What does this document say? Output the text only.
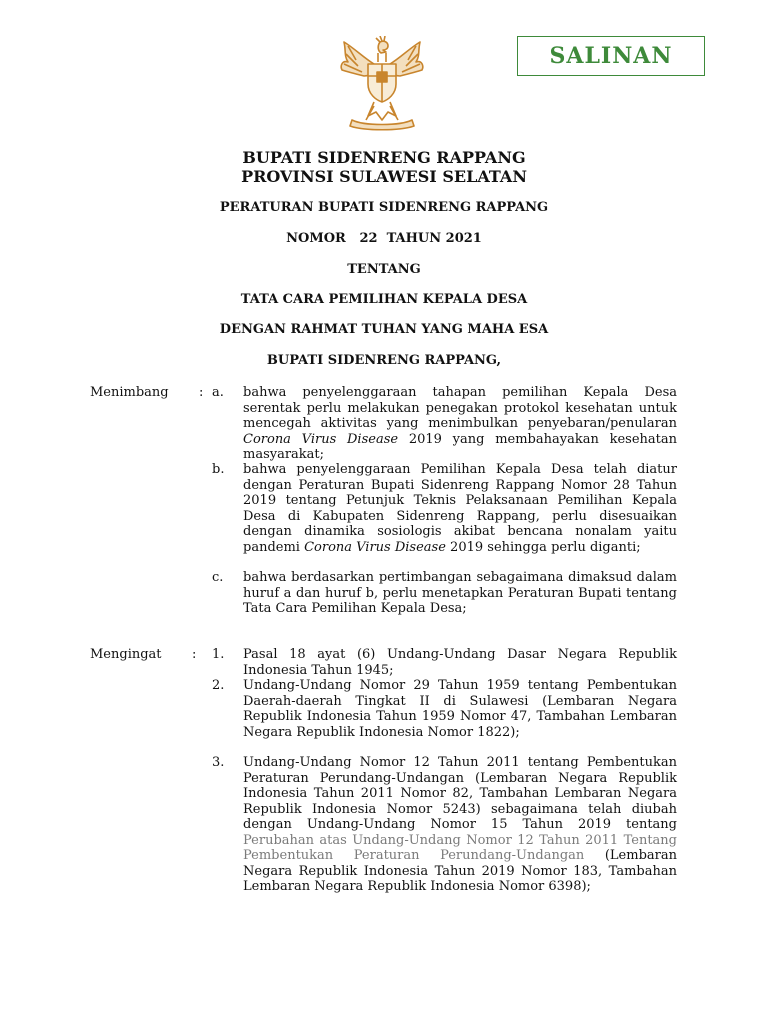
SALINAN
BUPATI SIDENRENG RAPPANG
PROVINSI SULAWESI SELATAN
PERATURAN BUPATI SIDENRENG RAPPANG
NOMOR   22  TAHUN 2021
TENTANG
TATA CARA PEMILIHAN KEPALA DESA
DENGAN RAHMAT TUHAN YANG MAHA ESA
BUPATI SIDENRENG RAPPANG,
Menimbang : a. bahwa penyelenggaraan tahapan pemilihan Kepala Desa serentak perlu melakukan penegakan protokol kesehatan untuk mencegah aktivitas yang menimbulkan penyebaran/penularan Corona Virus Disease 2019 yang membahayakan kesehatan masyarakat;
b. bahwa penyelenggaraan Pemilihan Kepala Desa telah diatur dengan Peraturan Bupati Sidenreng Rappang Nomor 28 Tahun 2019 tentang Petunjuk Teknis Pelaksanaan Pemilihan Kepala Desa di Kabupaten Sidenreng Rappang, perlu disesuaikan dengan dinamika sosiologis akibat bencana nonalam yaitu pandemi Corona Virus Disease 2019 sehingga perlu diganti;
c. bahwa berdasarkan pertimbangan sebagaimana dimaksud dalam huruf a dan huruf b, perlu menetapkan Peraturan Bupati tentang Tata Cara Pemilihan Kepala Desa;
Mengingat : 1. Pasal 18 ayat (6) Undang-Undang Dasar Negara Republik Indonesia Tahun 1945;
2. Undang-Undang Nomor 29 Tahun 1959 tentang Pembentukan Daerah-daerah Tingkat II di Sulawesi (Lembaran Negara Republik Indonesia Tahun 1959 Nomor 47, Tambahan Lembaran Negara Republik Indonesia Nomor 1822);
3. Undang-Undang Nomor 12 Tahun 2011 tentang Pembentukan Peraturan Perundang-Undangan (Lembaran Negara Republik Indonesia Tahun 2011 Nomor 82, Tambahan Lembaran Negara Republik Indonesia Nomor 5243) sebagaimana telah diubah dengan Undang-Undang Nomor 15 Tahun 2019 tentang Perubahan atas Undang-Undang Nomor 12 Tahun 2011 Tentang Pembentukan Peraturan Perundang-Undangan (Lembaran Negara Republik Indonesia Tahun 2019 Nomor 183, Tambahan Lembaran Negara Republik Indonesia Nomor 6398);
